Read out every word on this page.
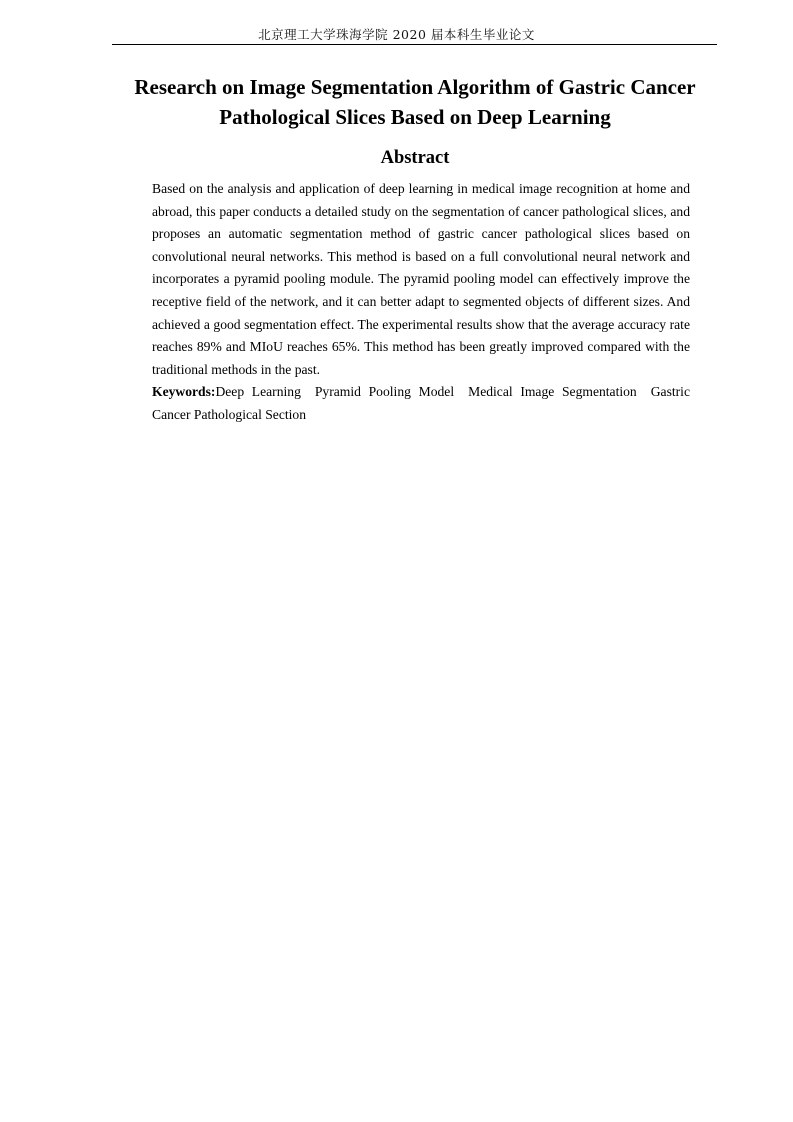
北京理工大学珠海学院 2020 届本科生毕业论文
Research on Image Segmentation Algorithm of Gastric Cancer Pathological Slices Based on Deep Learning
Abstract

Based on the analysis and application of deep learning in medical image recognition at home and abroad, this paper conducts a detailed study on the segmentation of cancer pathological slices, and proposes an automatic segmentation method of gastric cancer pathological slices based on convolutional neural networks. This method is based on a full convolutional neural network and incorporates a pyramid pooling module. The pyramid pooling model can effectively improve the receptive field of the network, and it can better adapt to segmented objects of different sizes. And achieved a good segmentation effect. The experimental results show that the average accuracy rate reaches 89% and MIoU reaches 65%. This method has been greatly improved compared with the traditional methods in the past.

Keywords:Deep Learning Pyramid Pooling Model Medical Image Segmentation Gastric Cancer Pathological Section
